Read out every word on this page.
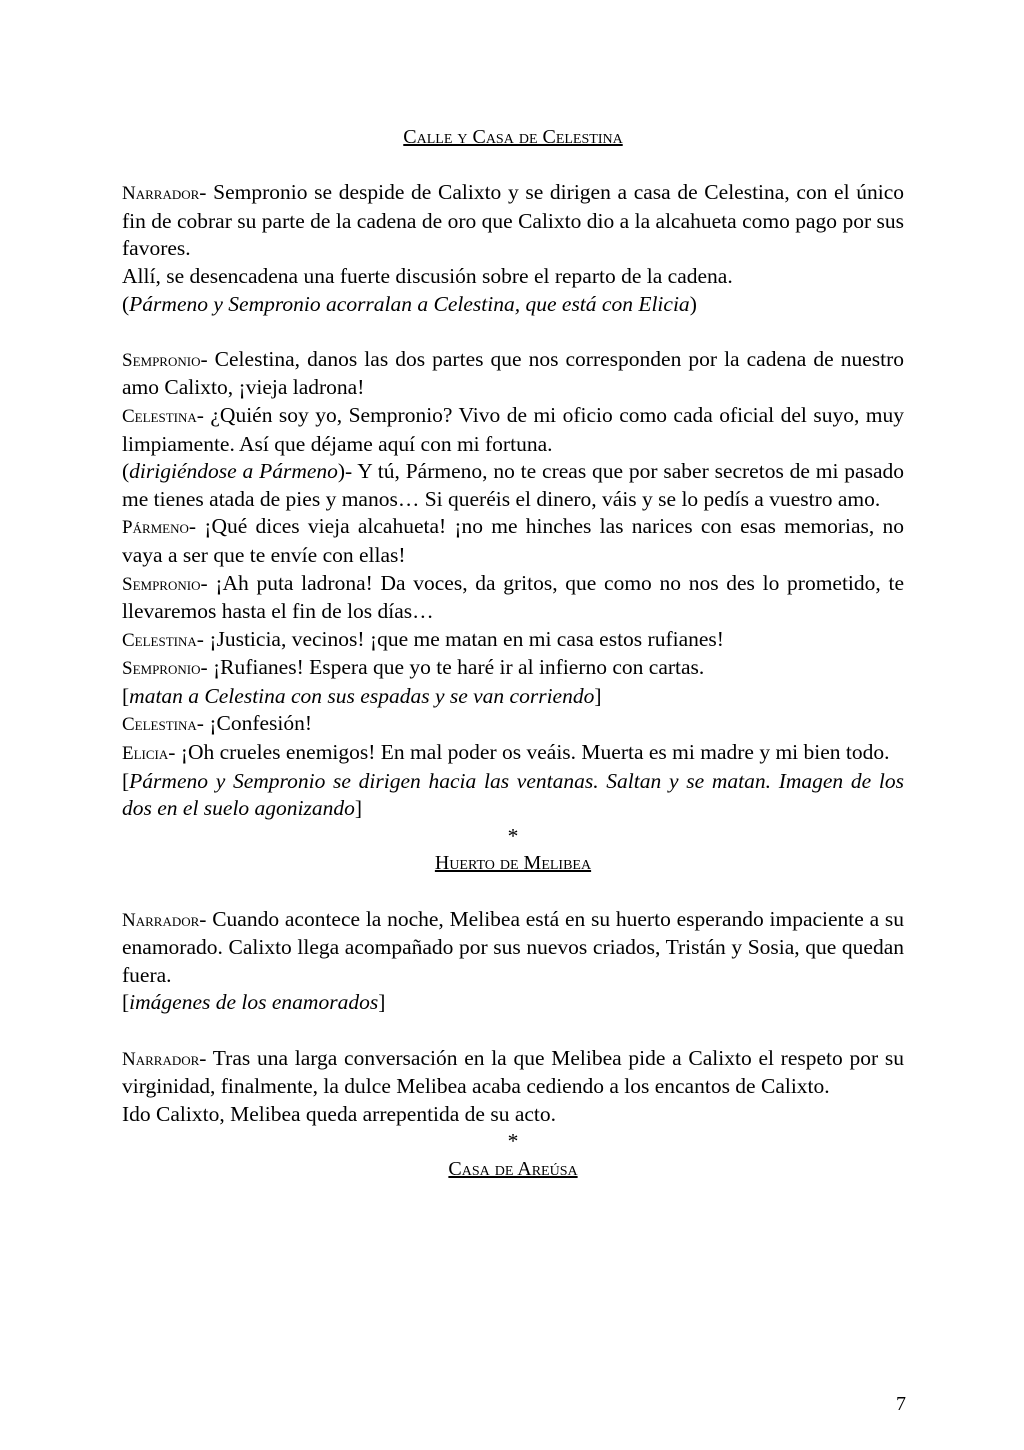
Calle y Casa de Celestina

Narrador- Sempronio se despide de Calixto y se dirigen a casa de Celestina, con el único fin de cobrar su parte de la cadena de oro que Calixto dio a la alcahueta como pago por sus favores.

Allí, se desencadena una fuerte discusión sobre el reparto de la cadena.

(Pármeno y Sempronio acorralan a Celestina, que está con Elicia)

Sempronio- Celestina, danos las dos partes que nos corresponden por la cadena de nuestro amo Calixto, ¡vieja ladrona!

Celestina- ¿Quién soy yo, Sempronio? Vivo de mi oficio como cada oficial del suyo, muy limpiamente. Así que déjame aquí con mi fortuna.

(dirigiéndose a Pármeno)- Y tú, Pármeno, no te creas que por saber secretos de mi pasado me tienes atada de pies y manos… Si queréis el dinero, váis y se lo pedís a vuestro amo.

Pármeno- ¡Qué dices vieja alcahueta! ¡no me hinches las narices con esas memorias, no vaya a ser que te envíe con ellas!

Sempronio- ¡Ah puta ladrona! Da voces, da gritos, que como no nos des lo prometido, te llevaremos hasta el fin de los días…

Celestina- ¡Justicia, vecinos! ¡que me matan en mi casa estos rufianes!

Sempronio- ¡Rufianes! Espera que yo te haré ir al infierno con cartas.

[matan a Celestina con sus espadas y se van corriendo]

Celestina- ¡Confesión!

Elicia- ¡Oh crueles enemigos! En mal poder os veáis. Muerta es mi madre y mi bien todo.

[Pármeno y Sempronio se dirigen hacia las ventanas. Saltan y se matan. Imagen de los dos en el suelo agonizando]

*

Huerto de Melibea

Narrador- Cuando acontece la noche, Melibea está en su huerto esperando impaciente a su enamorado. Calixto llega acompañado por sus nuevos criados, Tristán y Sosia, que quedan fuera.

[imágenes de los enamorados]

Narrador- Tras una larga conversación en la que Melibea pide a Calixto el respeto por su virginidad, finalmente, la dulce Melibea acaba cediendo a los encantos de Calixto.

Ido Calixto, Melibea queda arrepentida de su acto.

*

Casa de Areúsa

7
